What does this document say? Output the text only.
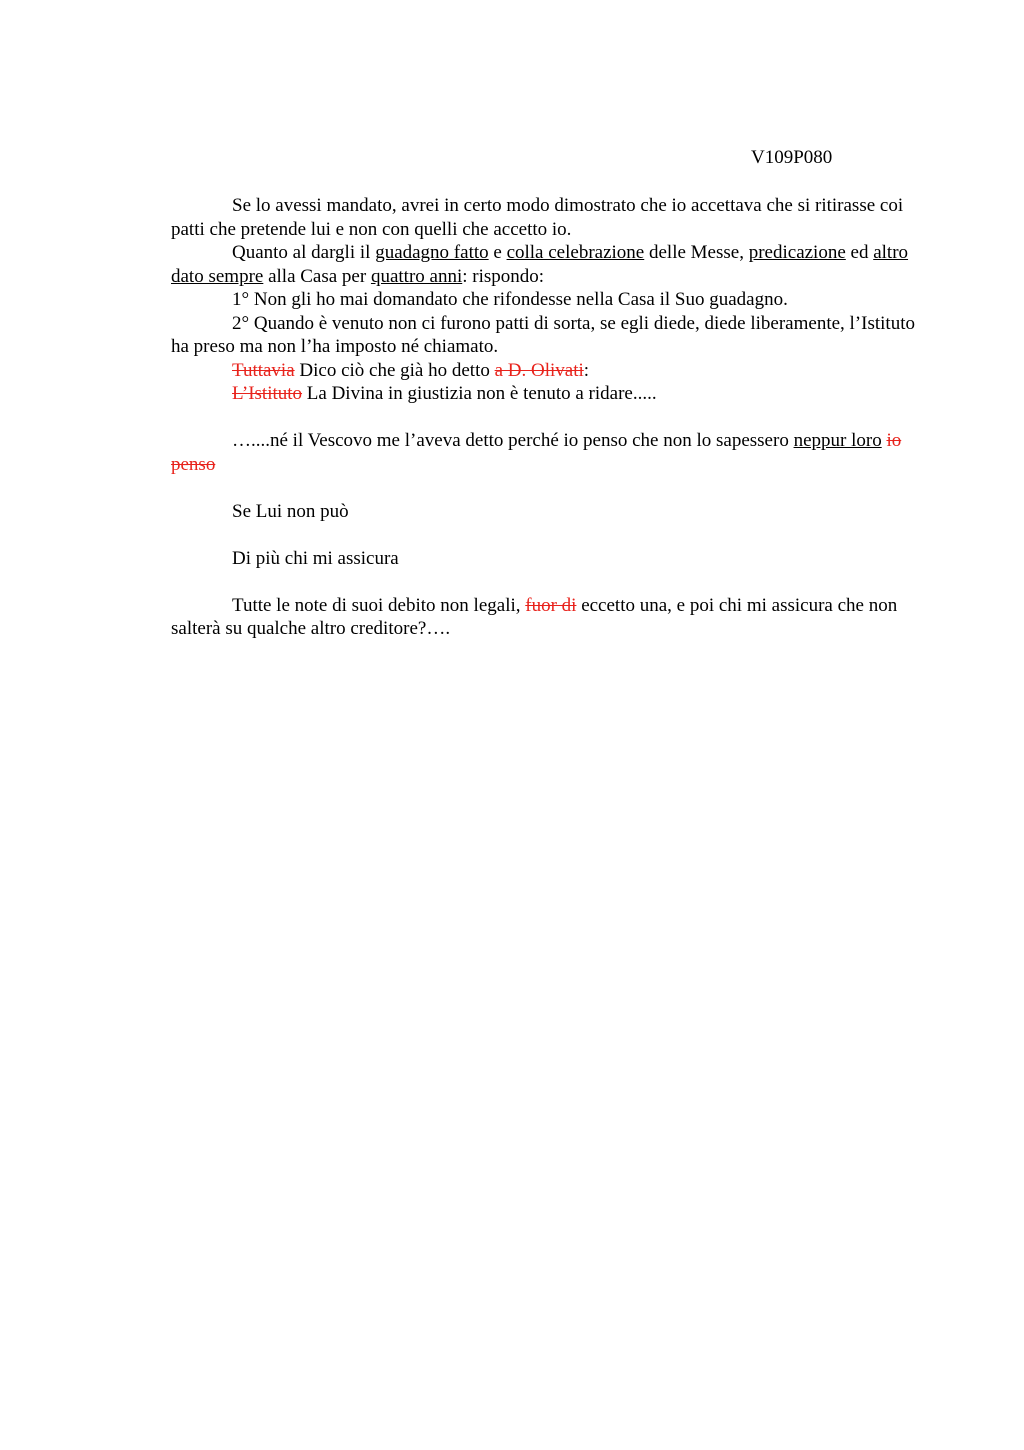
V109P080

Se lo avessi mandato, avrei in certo modo dimostrato che io accettava che si ritirasse coi patti che pretende lui e non con quelli che accetto io.

Quanto al dargli il guadagno fatto e colla celebrazione delle Messe, predicazione ed altro dato sempre alla Casa per quattro anni: rispondo:

1° Non gli ho mai domandato che rifondesse nella Casa il Suo guadagno.

2° Quando è venuto non ci furono patti di sorta, se egli diede, diede liberamente, l’Istituto ha preso ma non l’ha imposto né chiamato.

Tuttavia Dico ciò che già ho detto a D. Olivati:

L’Istituto La Divina in giustizia non è tenuto a ridare.....

…....né il Vescovo me l’aveva detto perché io penso che non lo sapessero neppur loro io penso

Se Lui non può

Di più chi mi assicura

Tutte le note di suoi debito non legali, fuor di eccetto una, e poi chi mi assicura che non salterà su qualche altro creditore?….
